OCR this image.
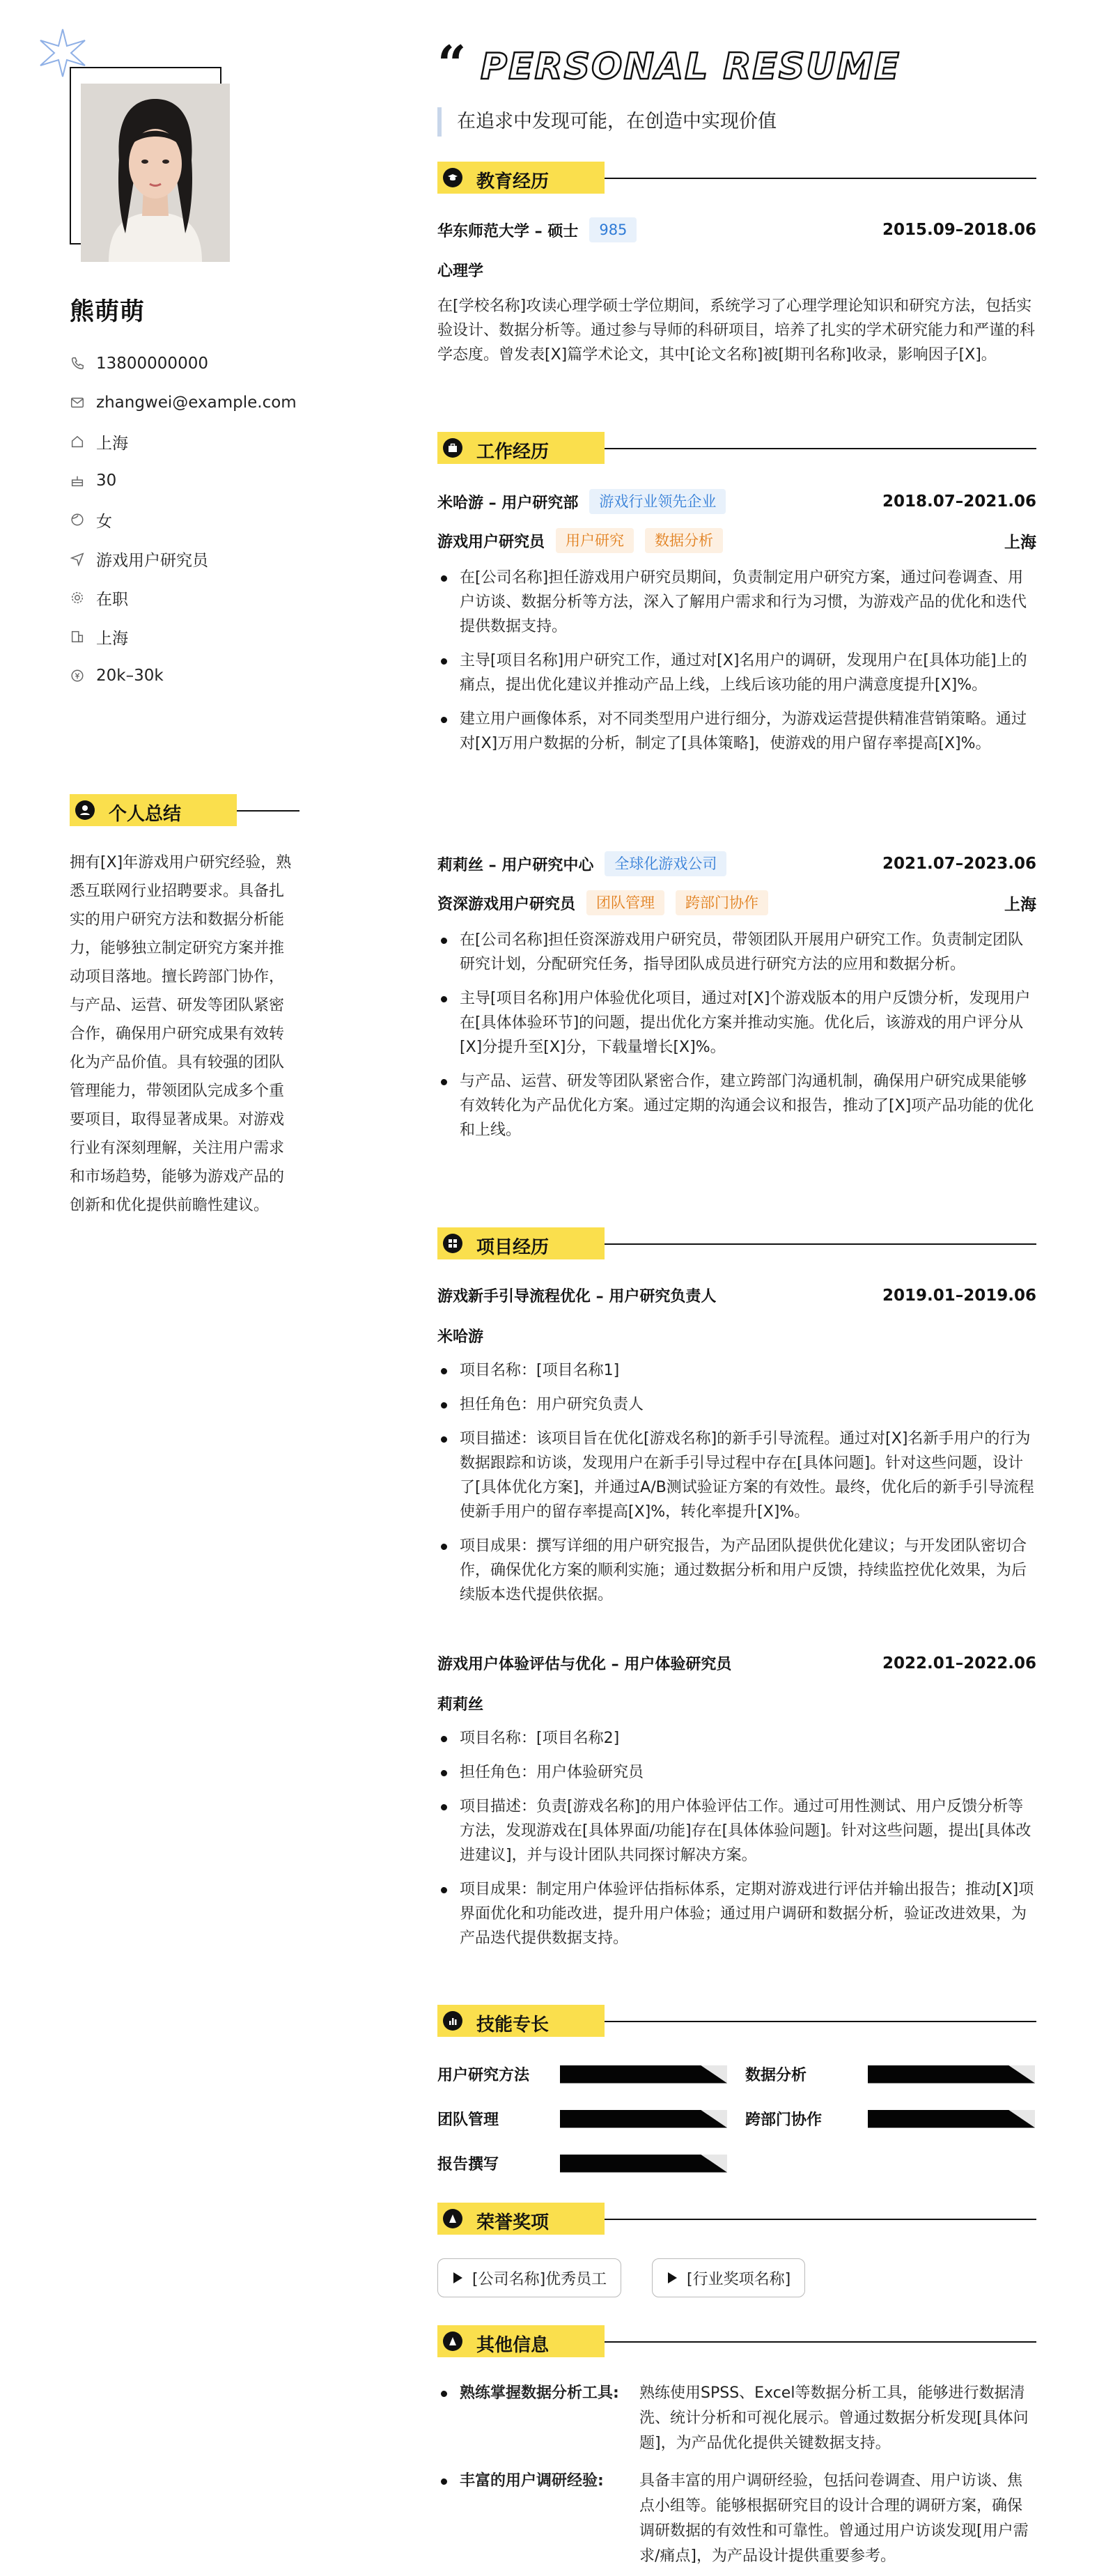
熊萌萌
13800000000
zhangwei@example.com
上海
30
女
游戏用户研究员
在职
上海
20k–30k
个人总结
拥有[X]年游戏用户研究经验，熟悉互联网行业招聘要求。具备扎实的用户研究方法和数据分析能力，能够独立制定研究方案并推动项目落地。擅长跨部门协作，与产品、运营、研发等团队紧密合作，确保用户研究成果有效转化为产品价值。具有较强的团队管理能力，带领团队完成多个重要项目，取得显著成果。对游戏行业有深刻理解，关注用户需求和市场趋势，能够为游戏产品的创新和优化提供前瞻性建议。
“ PERSONAL RESUME
在追求中发现可能，在创造中实现价值
教育经历
华东师范大学 – 硕士	985	2015.09–2018.06
心理学
在[学校名称]攻读心理学硕士学位期间，系统学习了心理学理论知识和研究方法，包括实验设计、数据分析等。通过参与导师的科研项目，培养了扎实的学术研究能力和严谨的科学态度。曾发表[X]篇学术论文，其中[论文名称]被[期刊名称]收录，影响因子[X]。
工作经历
米哈游 – 用户研究部	游戏行业领先企业	2018.07–2021.06
游戏用户研究员	用户研究	数据分析	上海
在[公司名称]担任游戏用户研究员期间，负责制定用户研究方案，通过问卷调查、用户访谈、数据分析等方法，深入了解用户需求和行为习惯，为游戏产品的优化和迭代提供数据支持。
主导[项目名称]用户研究工作，通过对[X]名用户的调研，发现用户在[具体功能]上的痛点，提出优化建议并推动产品上线，上线后该功能的用户满意度提升[X]%。
建立用户画像体系，对不同类型用户进行细分，为游戏运营提供精准营销策略。通过对[X]万用户数据的分析，制定了[具体策略]，使游戏的用户留存率提高[X]%。
莉莉丝 – 用户研究中心	全球化游戏公司	2021.07–2023.06
资深游戏用户研究员	团队管理	跨部门协作	上海
在[公司名称]担任资深游戏用户研究员，带领团队开展用户研究工作。负责制定团队研究计划，分配研究任务，指导团队成员进行研究方法的应用和数据分析。
主导[项目名称]用户体验优化项目，通过对[X]个游戏版本的用户反馈分析，发现用户在[具体体验环节]的问题，提出优化方案并推动实施。优化后，该游戏的用户评分从[X]分提升至[X]分，下载量增长[X]%。
与产品、运营、研发等团队紧密合作，建立跨部门沟通机制，确保用户研究成果能够有效转化为产品优化方案。通过定期的沟通会议和报告，推动了[X]项产品功能的优化和上线。
项目经历
游戏新手引导流程优化 – 用户研究负责人	2019.01–2019.06
米哈游
项目名称：[项目名称1]
担任角色：用户研究负责人
项目描述：该项目旨在优化[游戏名称]的新手引导流程。通过对[X]名新手用户的行为数据跟踪和访谈，发现用户在新手引导过程中存在[具体问题]。针对这些问题，设计了[具体优化方案]，并通过A/B测试验证方案的有效性。最终，优化后的新手引导流程使新手用户的留存率提高[X]%，转化率提升[X]%。
项目成果：撰写详细的用户研究报告，为产品团队提供优化建议；与开发团队密切合作，确保优化方案的顺利实施；通过数据分析和用户反馈，持续监控优化效果，为后续版本迭代提供依据。
游戏用户体验评估与优化 – 用户体验研究员	2022.01–2022.06
莉莉丝
项目名称：[项目名称2]
担任角色：用户体验研究员
项目描述：负责[游戏名称]的用户体验评估工作。通过可用性测试、用户反馈分析等方法，发现游戏在[具体界面/功能]存在[具体体验问题]。针对这些问题，提出[具体改进建议]，并与设计团队共同探讨解决方案。
项目成果：制定用户体验评估指标体系，定期对游戏进行评估并输出报告；推动[X]项界面优化和功能改进，提升用户体验；通过用户调研和数据分析，验证改进效果，为产品迭代提供数据支持。
技能专长
用户研究方法	数据分析
团队管理	跨部门协作
报告撰写
荣誉奖项
[公司名称]优秀员工	[行业奖项名称]
其他信息
熟练掌握数据分析工具:	熟练使用SPSS、Excel等数据分析工具，能够进行数据清洗、统计分析和可视化展示。曾通过数据分析发现[具体问题]，为产品优化提供关键数据支持。
丰富的用户调研经验:	具备丰富的用户调研经验，包括问卷调查、用户访谈、焦点小组等。能够根据研究目的设计合理的调研方案，确保调研数据的有效性和可靠性。曾通过用户访谈发现[用户需求/痛点]，为产品设计提供重要参考。
